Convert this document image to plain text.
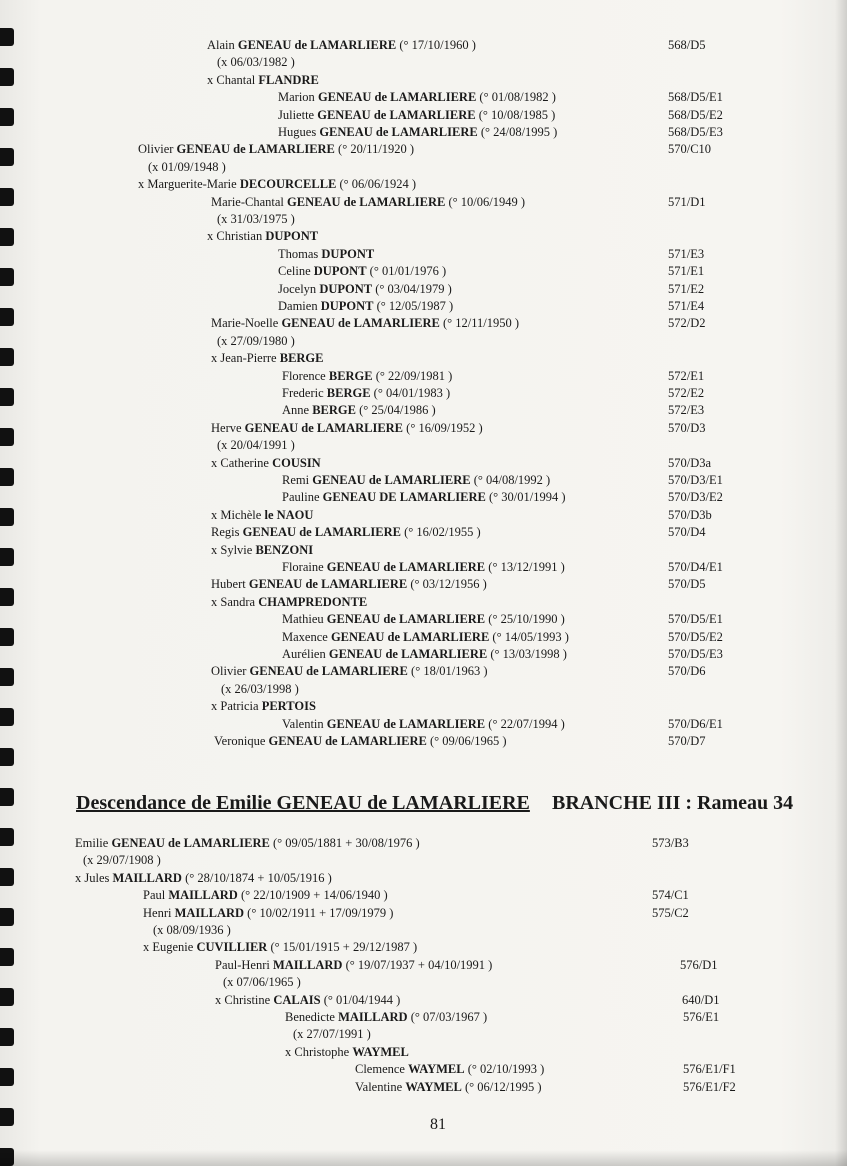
Alain GENEAU de LAMARLIERE (° 17/10/1960 )	568/D5
(x 06/03/1982 )
x Chantal FLANDRE
Marion GENEAU de LAMARLIERE (° 01/08/1982 )	568/D5/E1
Juliette GENEAU de LAMARLIERE (° 10/08/1985 )	568/D5/E2
Hugues GENEAU de LAMARLIERE (° 24/08/1995 )	568/D5/E3
Olivier GENEAU de LAMARLIERE (° 20/11/1920 )	570/C10
(x 01/09/1948 )
x Marguerite-Marie DECOURCELLE (° 06/06/1924 )
Marie-Chantal GENEAU de LAMARLIERE (° 10/06/1949 )	571/D1
(x 31/03/1975 )
x Christian DUPONT
Thomas DUPONT	571/E3
Celine DUPONT (° 01/01/1976 )	571/E1
Jocelyn DUPONT (° 03/04/1979 )	571/E2
Damien DUPONT (° 12/05/1987 )	571/E4
Marie-Noelle GENEAU de LAMARLIERE (° 12/11/1950 )	572/D2
(x 27/09/1980 )
x Jean-Pierre BERGE
Florence BERGE (° 22/09/1981 )	572/E1
Frederic BERGE (° 04/01/1983 )	572/E2
Anne BERGE (° 25/04/1986 )	572/E3
Herve GENEAU de LAMARLIERE (° 16/09/1952 )	570/D3
(x 20/04/1991 )
x Catherine COUSIN	570/D3a
Remi GENEAU de LAMARLIERE (° 04/08/1992 )	570/D3/E1
Pauline GENEAU DE LAMARLIERE (° 30/01/1994 )	570/D3/E2
x Michèle le NAOU	570/D3b
Regis GENEAU de LAMARLIERE (° 16/02/1955 )	570/D4
x Sylvie BENZONI
Floraine GENEAU de LAMARLIERE (° 13/12/1991 )	570/D4/E1
Hubert GENEAU de LAMARLIERE (° 03/12/1956 )	570/D5
x Sandra CHAMPREDONTE
Mathieu GENEAU de LAMARLIERE (° 25/10/1990 )	570/D5/E1
Maxence GENEAU de LAMARLIERE (° 14/05/1993 )	570/D5/E2
Aurélien GENEAU de LAMARLIERE (° 13/03/1998 )	570/D5/E3
Olivier GENEAU de LAMARLIERE (° 18/01/1963 )	570/D6
(x 26/03/1998 )
x Patricia PERTOIS
Valentin GENEAU de LAMARLIERE (° 22/07/1994 )	570/D6/E1
Veronique GENEAU de LAMARLIERE (° 09/06/1965 )	570/D7
Descendance de Emilie GENEAU de LAMARLIERE BRANCHE III : Rameau 34
Emilie GENEAU de LAMARLIERE (° 09/05/1881 + 30/08/1976 )	573/B3
(x 29/07/1908 )
x Jules MAILLARD (° 28/10/1874 + 10/05/1916 )
Paul MAILLARD (° 22/10/1909 + 14/06/1940 )	574/C1
Henri MAILLARD (° 10/02/1911 + 17/09/1979 )	575/C2
(x 08/09/1936 )
x Eugenie CUVILLIER (° 15/01/1915 + 29/12/1987 )
Paul-Henri MAILLARD (° 19/07/1937 + 04/10/1991 )	576/D1
(x 07/06/1965 )
x Christine CALAIS (° 01/04/1944 )	640/D1
Benedicte MAILLARD (° 07/03/1967 )	576/E1
(x 27/07/1991 )
x Christophe WAYMEL
Clemence WAYMEL (° 02/10/1993 )	576/E1/F1
Valentine WAYMEL (° 06/12/1995 )	576/E1/F2
81
